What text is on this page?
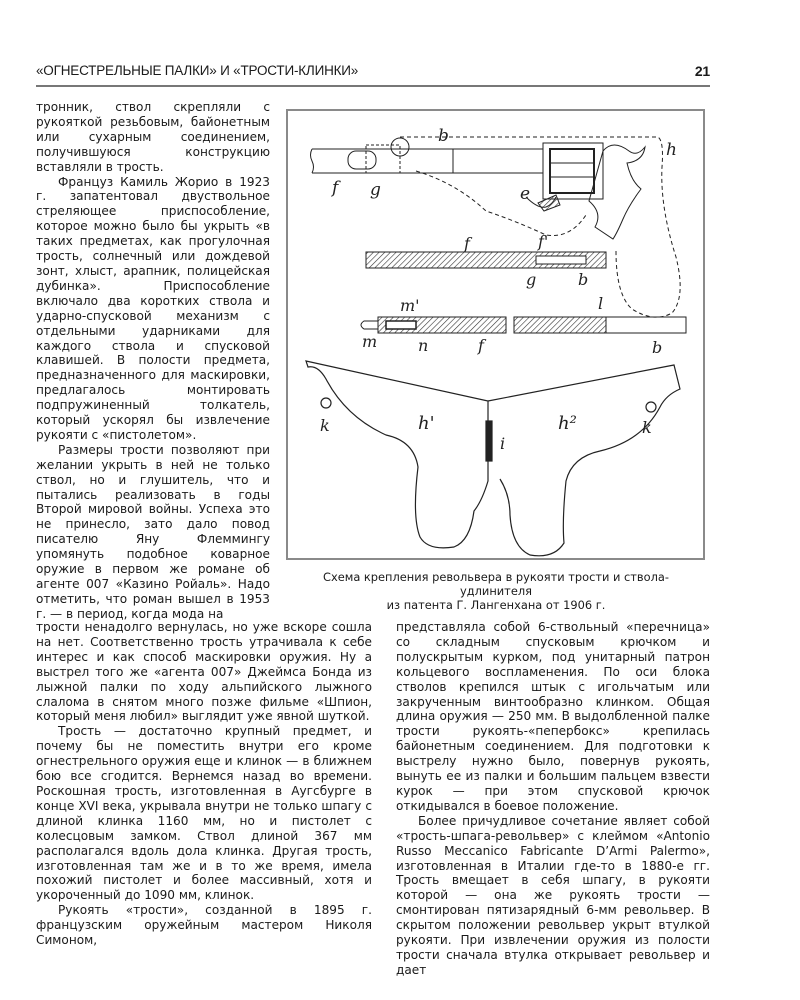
«ОГНЕСТРЕЛЬНЫЕ ПАЛКИ» И «ТРОСТИ-КЛИНКИ»	21

тронник, ствол скрепляли с рукояткой резьбовым, байонетным или сухарным соединением, получившуюся конструкцию вставляли в трость.

Француз Камиль Жорио в 1923 г. запатентовал двуствольное стреляющее приспособление, которое можно было бы укрыть «в таких предметах, как прогулочная трость, солнечный или дождевой зонт, хлыст, арапник, полицейская дубинка». Приспособление включало два коротких ствола и ударно-спусковой механизм с отдельными ударниками для каждого ствола и спусковой клавишей. В полости предмета, предназначенного для маскировки, предлагалось монтировать подпружиненный толкатель, который ускорял бы извлечение рукояти с «пистолетом».

Размеры трости позволяют при желании укрыть в ней не только ствол, но и глушитель, что и пытались реализовать в годы Второй мировой войны. Успеха это не принесло, зато дало повод писателю Яну Флеммингу упомянуть подобное коварное оружие в первом же романе об агенте 007 «Казино Ройаль». Надо отметить, что роман вышел в 1953 г. — в период, когда мода на

f g
b
h
e
f	f'
g	b
m'
m	n	f
l
b
h'	h²
i
k	k
Схема крепления револьвера в рукояти трости и ствола-удлинителя
из патента Г. Лангенхана от 1906 г.

трости ненадолго вернулась, но уже вскоре сошла на нет. Соответственно трость утрачивала к себе интерес и как способ маскировки оружия. Ну а выстрел того же «агента 007» Джеймса Бонда из лыжной палки по ходу альпийского лыжного слалома в снятом много позже фильме «Шпион, который меня любил» выглядит уже явной шуткой.

Трость — достаточно крупный предмет, и почему бы не поместить внутри его кроме огнестрельного оружия еще и клинок — в ближнем бою все сгодится. Вернемся назад во времени. Роскошная трость, изготовленная в Аугсбурге в конце XVI века, укрывала внутри не только шпагу с длиной клинка 1160 мм, но и пистолет с колесцовым замком. Ствол длиной 367 мм располагался вдоль дола клинка. Другая трость, изготовленная там же и в то же время, имела похожий пистолет и более массивный, хотя и укороченный до 1090 мм, клинок.

Рукоять «трости», созданной в 1895 г. французским оружейным мастером Николя Симоном,

представляла собой 6-ствольный «перечница» со складным спусковым крючком и полускрытым курком, под унитарный патрон кольцевого воспламенения. По оси блока стволов крепился штык с игольчатым или закрученным винтообразно клинком. Общая длина оружия — 250 мм. В выдолбленной палке трости рукоять-«пепербокс» крепилась байонетным соединением. Для подготовки к выстрелу нужно было, повернув рукоять, вынуть ее из палки и большим пальцем взвести курок — при этом спусковой крючок откидывался в боевое положение.

Более причудливое сочетание являет собой «трость-шпага-револьвер» с клеймом «Antonio Russo Meccanico Fabricante D’Armi Palermo», изготовленная в Италии где-то в 1880-е гг. Трость вмещает в себя шпагу, в рукояти которой — она же рукоять трости — смонтирован пятизарядный 6-мм револьвер. В скрытом положении револьвер укрыт втулкой рукояти. При извлечении оружия из полости трости сначала втулка открывает револьвер и дает
